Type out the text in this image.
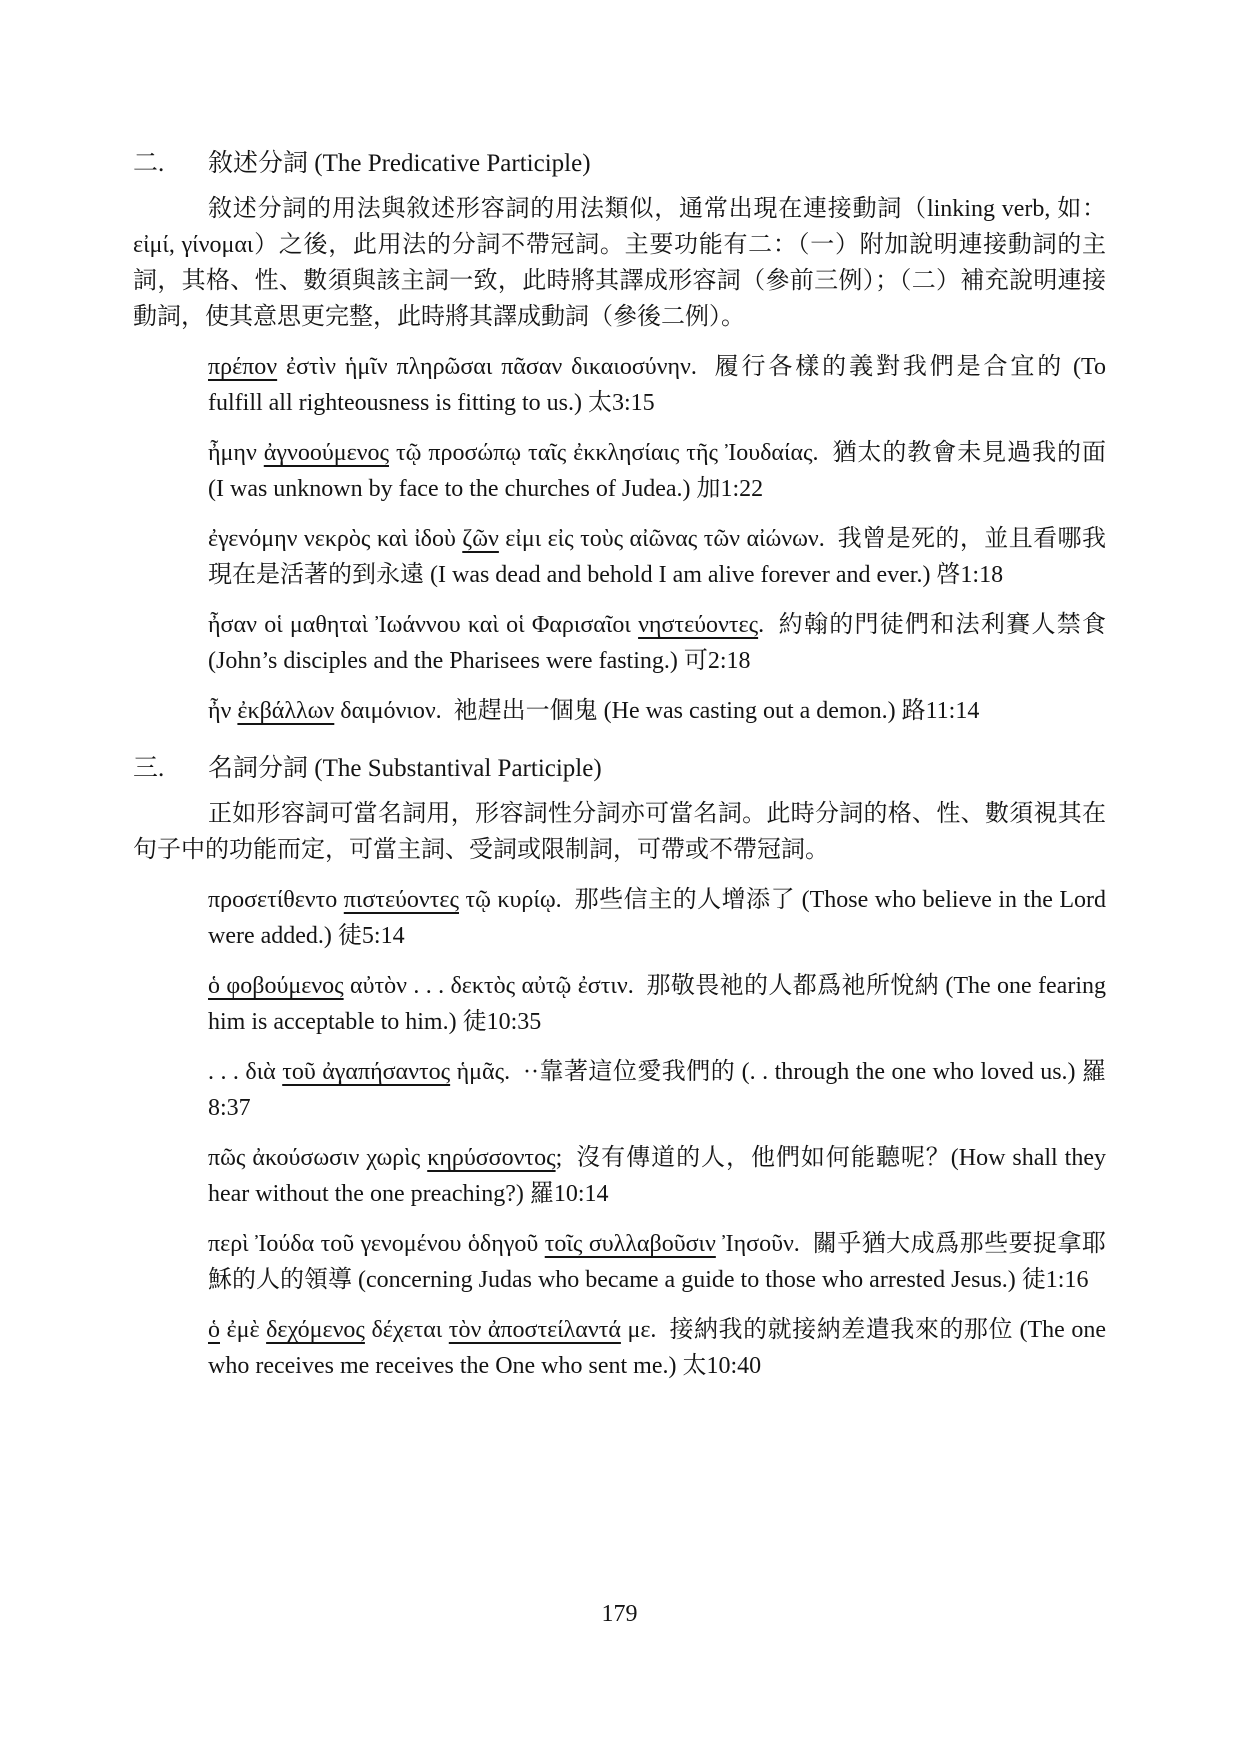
二. 敘述分詞 (The Predicative Participle)

敘述分詞的用法與敘述形容詞的用法類似，通常出現在連接動詞（linking verb, 如：εἰμί, γίνομαι）之後，此用法的分詞不帶冠詞。主要功能有二：（一）附加說明連接動詞的主詞，其格、性、數須與該主詞一致，此時將其譯成形容詞（參前三例）；（二）補充說明連接動詞，使其意思更完整，此時將其譯成動詞（參後二例）。

πρέπον ἐστὶν ἡμῖν πληρῶσαι πᾶσαν δικαιοσύνην.  履行各樣的義對我們是合宜的 (To fulfill all righteousness is fitting to us.) 太3:15

ἦμην ἀγνοούμενος τῷ προσώπῳ ταῖς ἐκκλησίαις τῆς Ἰουδαίας.  猶太的教會未見過我的面 (I was unknown by face to the churches of Judea.) 加1:22

ἐγενόμην νεκρὸς καὶ ἰδοὺ ζῶν εἰμι εἰς τοὺς αἰῶνας τῶν αἰώνων.  我曾是死的，並且看哪我現在是活著的到永遠 (I was dead and behold I am alive forever and ever.) 啓1:18

ἦσαν οἱ μαθηταὶ Ἰωάννου καὶ οἱ Φαρισαῖοι νηστεύοντες.  約翰的門徒們和法利賽人禁食 (John’s disciples and the Pharisees were fasting.) 可2:18

ἦν ἐκβάλλων δαιμόνιον.  祂趕出一個鬼 (He was casting out a demon.) 路11:14

三. 名詞分詞 (The Substantival Participle)

正如形容詞可當名詞用，形容詞性分詞亦可當名詞。此時分詞的格、性、數須視其在句子中的功能而定，可當主詞、受詞或限制詞，可帶或不帶冠詞。

προσετίθεντο πιστεύοντες τῷ κυρίῳ.  那些信主的人增添了 (Those who believe in the Lord were added.) 徒5:14

ὁ φοβούμενος αὐτὸν . . . δεκτὸς αὐτῷ ἐστιν.  那敬畏祂的人都爲祂所悅納 (The one fearing him is acceptable to him.) 徒10:35

. . . διὰ τοῦ ἀγαπήσαντος ἡμᾶς.  ··靠著這位愛我們的 (. . through the one who loved us.) 羅8:37

πῶς ἀκούσωσιν χωρὶς κηρύσσοντος;  沒有傳道的人，他們如何能聽呢？(How shall they hear without the one preaching?) 羅10:14

περὶ Ἰούδα τοῦ γενομένου ὁδηγοῦ τοῖς συλλαβοῦσιν Ἰησοῦν.  關乎猶大成爲那些要捉拿耶穌的人的領導 (concerning Judas who became a guide to those who arrested Jesus.) 徒1:16

ὁ ἐμὲ δεχόμενος δέχεται τὸν ἀποστείλαντά με.  接納我的就接納差遣我來的那位 (The one who receives me receives the One who sent me.) 太10:40

179
